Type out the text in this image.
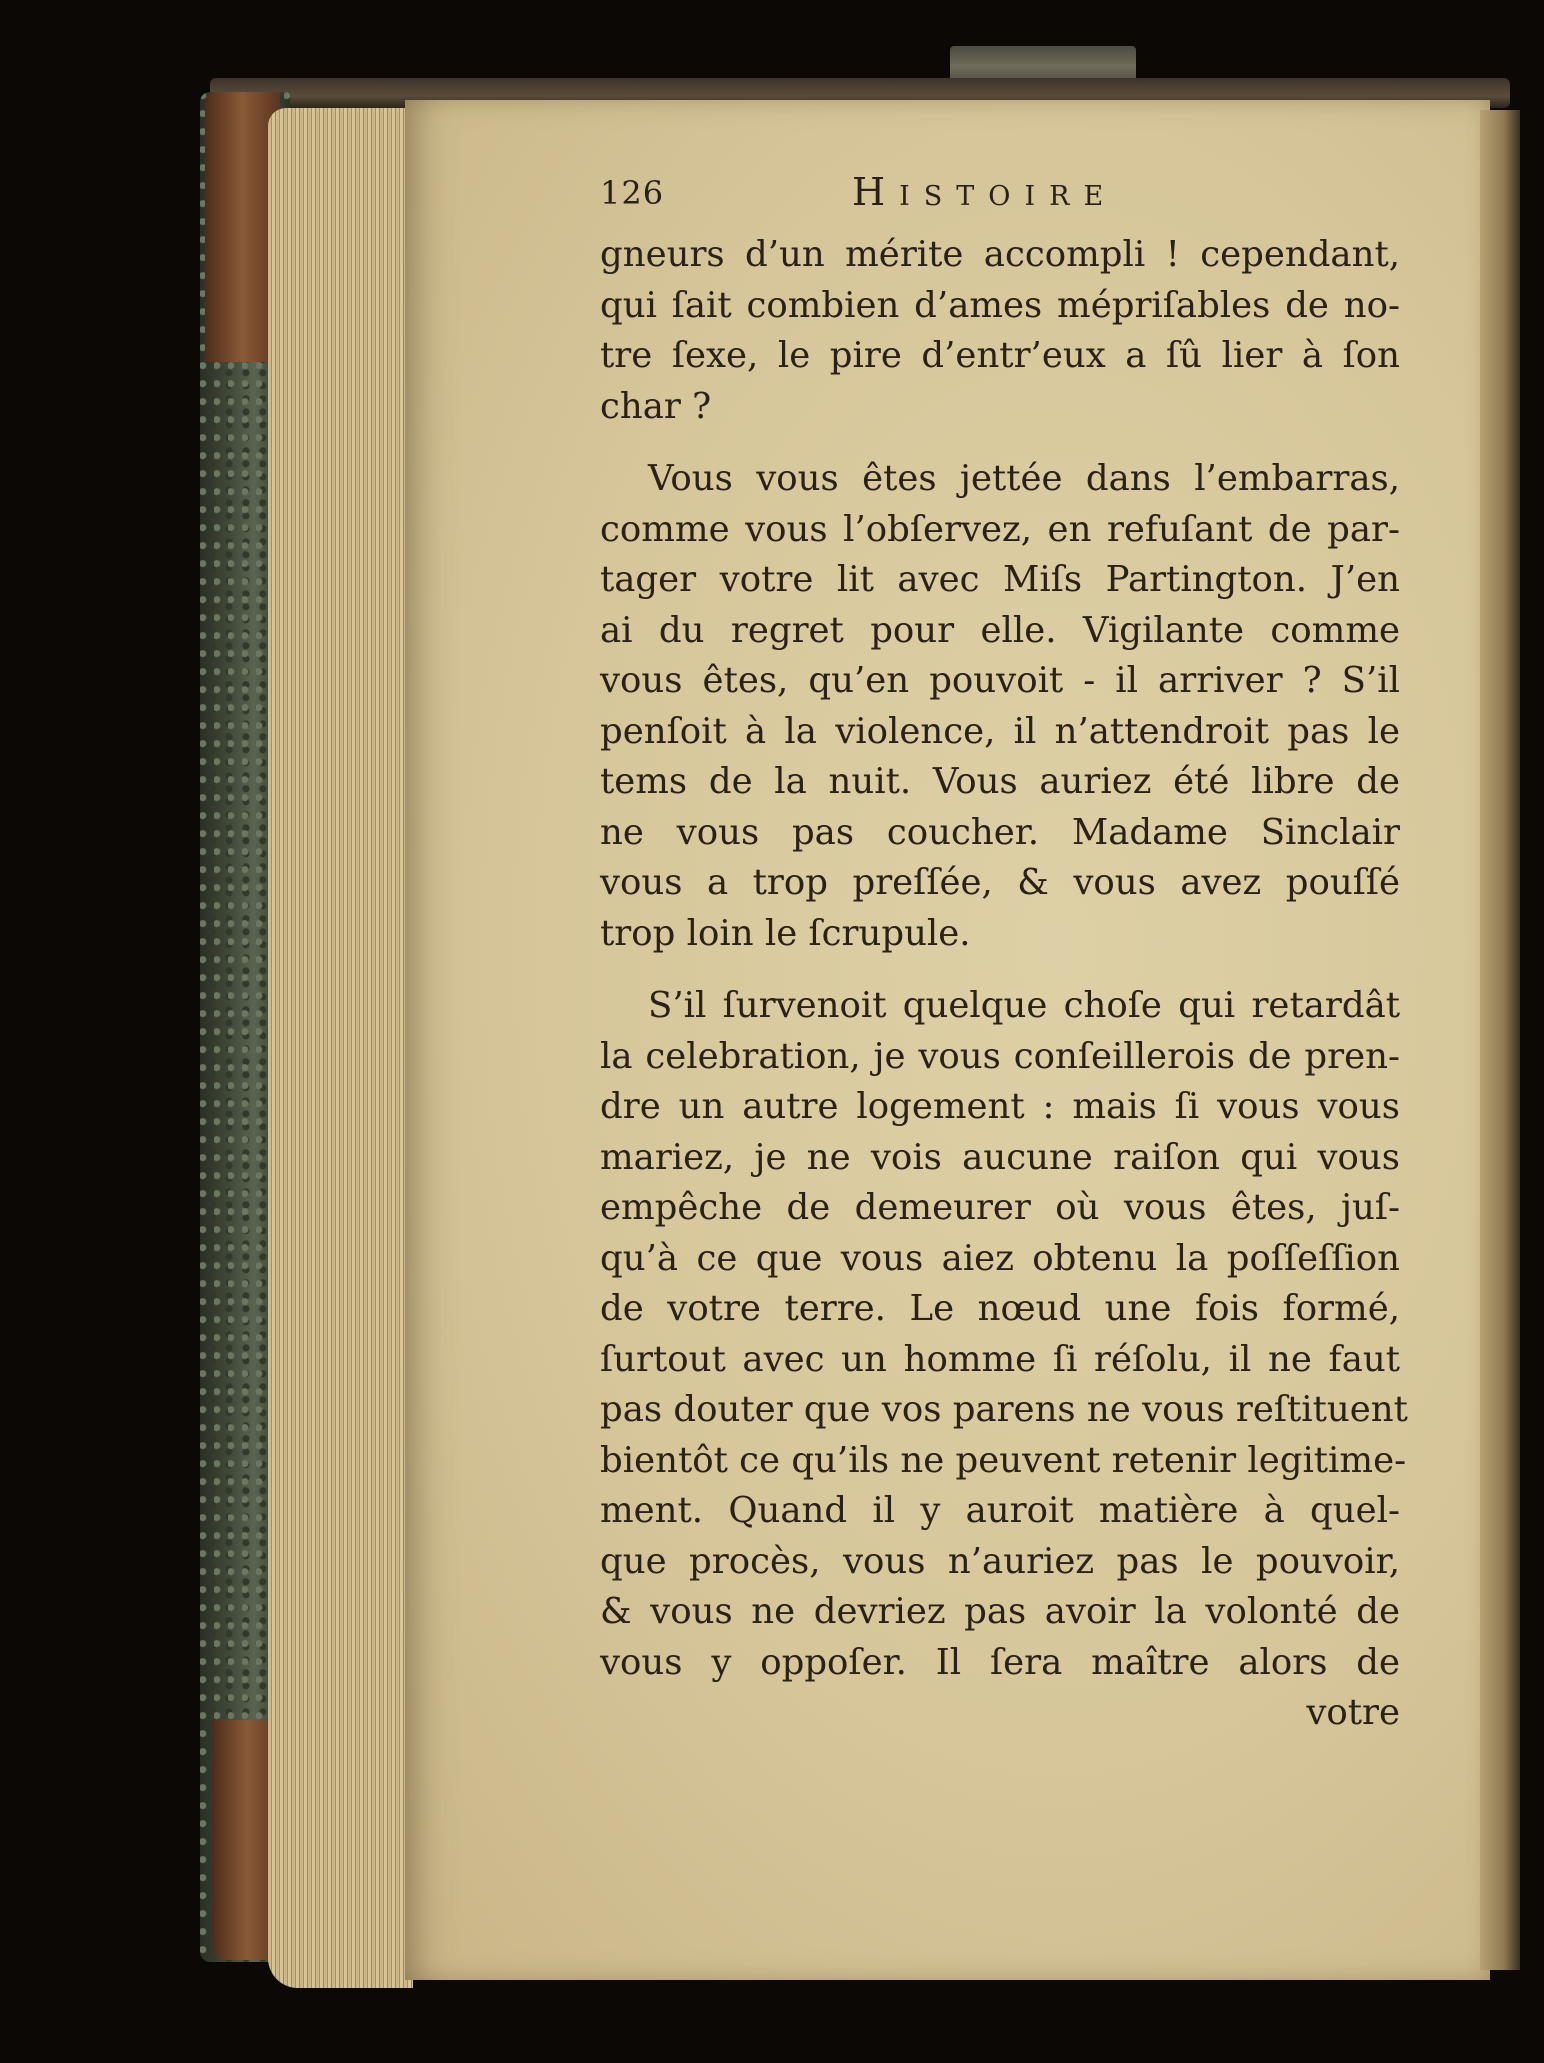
126	Histoire
gneurs d’un mérite accompli ! cependant,
qui ſait combien d’ames mépriſables de no-
tre ſexe, le pire d’entr’eux a ſû lier à ſon
char ?
Vous vous êtes jettée dans l’embarras,
comme vous l’obſervez, en refuſant de par-
tager votre lit avec Miſs Partington. J’en
ai du regret pour elle. Vigilante comme
vous êtes, qu’en pouvoit - il arriver ? S’il
penſoit à la violence, il n’attendroit pas le
tems de la nuit. Vous auriez été libre de
ne vous pas coucher. Madame Sinclair
vous a trop preſſée, & vous avez pouſſé
trop loin le ſcrupule.
S’il ſurvenoit quelque choſe qui retardât
la celebration, je vous conſeillerois de pren-
dre un autre logement : mais ſi vous vous
mariez, je ne vois aucune raiſon qui vous
empêche de demeurer où vous êtes, juſ-
qu’à ce que vous aiez obtenu la poſſeſſion
de votre terre. Le nœud une fois formé,
ſurtout avec un homme ſi réſolu, il ne faut
pas douter que vos parens ne vous reſtituent
bientôt ce qu’ils ne peuvent retenir legitime-
ment. Quand il y auroit matière à quel-
que procès, vous n’auriez pas le pouvoir,
& vous ne devriez pas avoir la volonté de
vous y oppoſer. Il ſera maître alors de
votre
